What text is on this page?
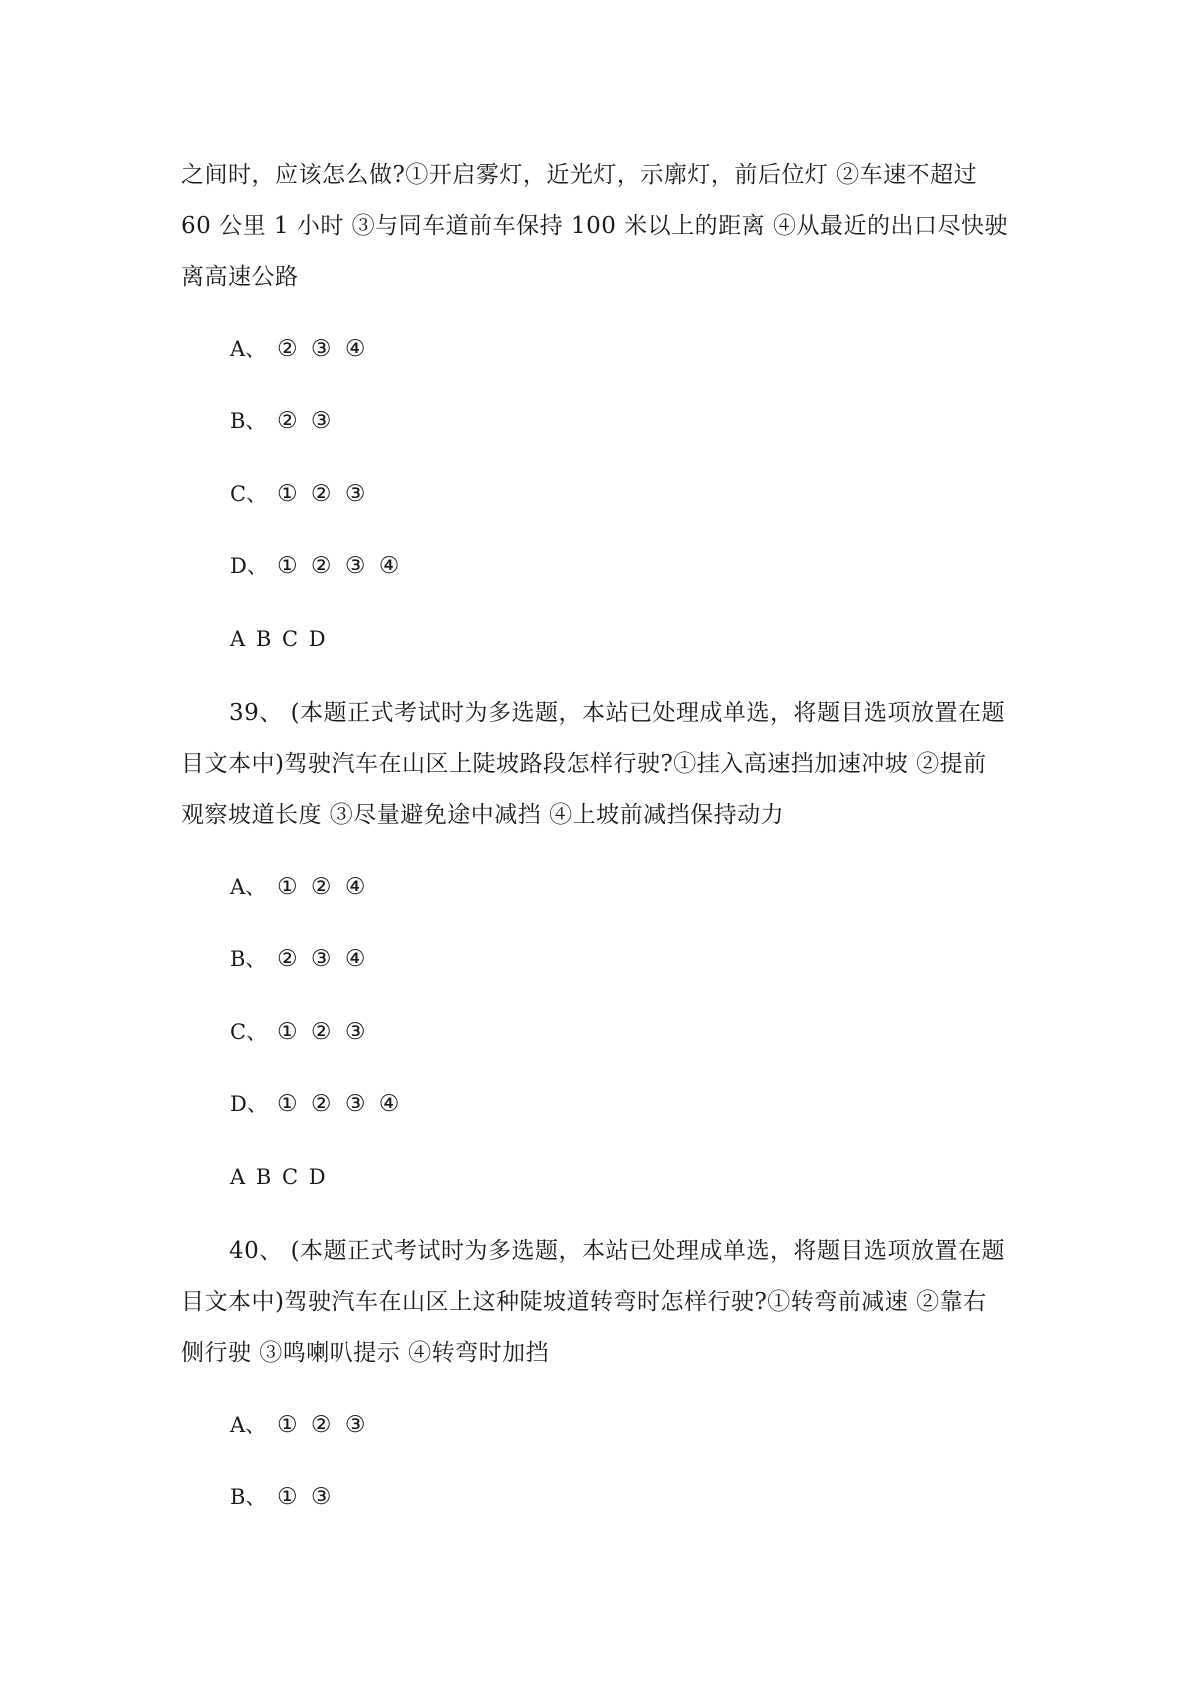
之间时，应该怎么做?①开启雾灯，近光灯，示廓灯，前后位灯 ②车速不超过
60 公里 1 小时 ③与同车道前车保持 100 米以上的距离 ④从最近的出口尽快驶
离高速公路
A、 ② ③ ④
B、 ② ③
C、 ① ② ③
D、 ① ② ③ ④
A B C D
39、 (本题正式考试时为多选题，本站已处理成单选，将题目选项放置在题
目文本中)驾驶汽车在山区上陡坡路段怎样行驶?①挂入高速挡加速冲坡 ②提前
观察坡道长度 ③尽量避免途中减挡 ④上坡前减挡保持动力
A、 ① ② ④
B、 ② ③ ④
C、 ① ② ③
D、 ① ② ③ ④
A B C D
40、 (本题正式考试时为多选题，本站已处理成单选，将题目选项放置在题
目文本中)驾驶汽车在山区上这种陡坡道转弯时怎样行驶?①转弯前减速 ②靠右
侧行驶 ③鸣喇叭提示 ④转弯时加挡
A、 ① ② ③
B、 ① ③
